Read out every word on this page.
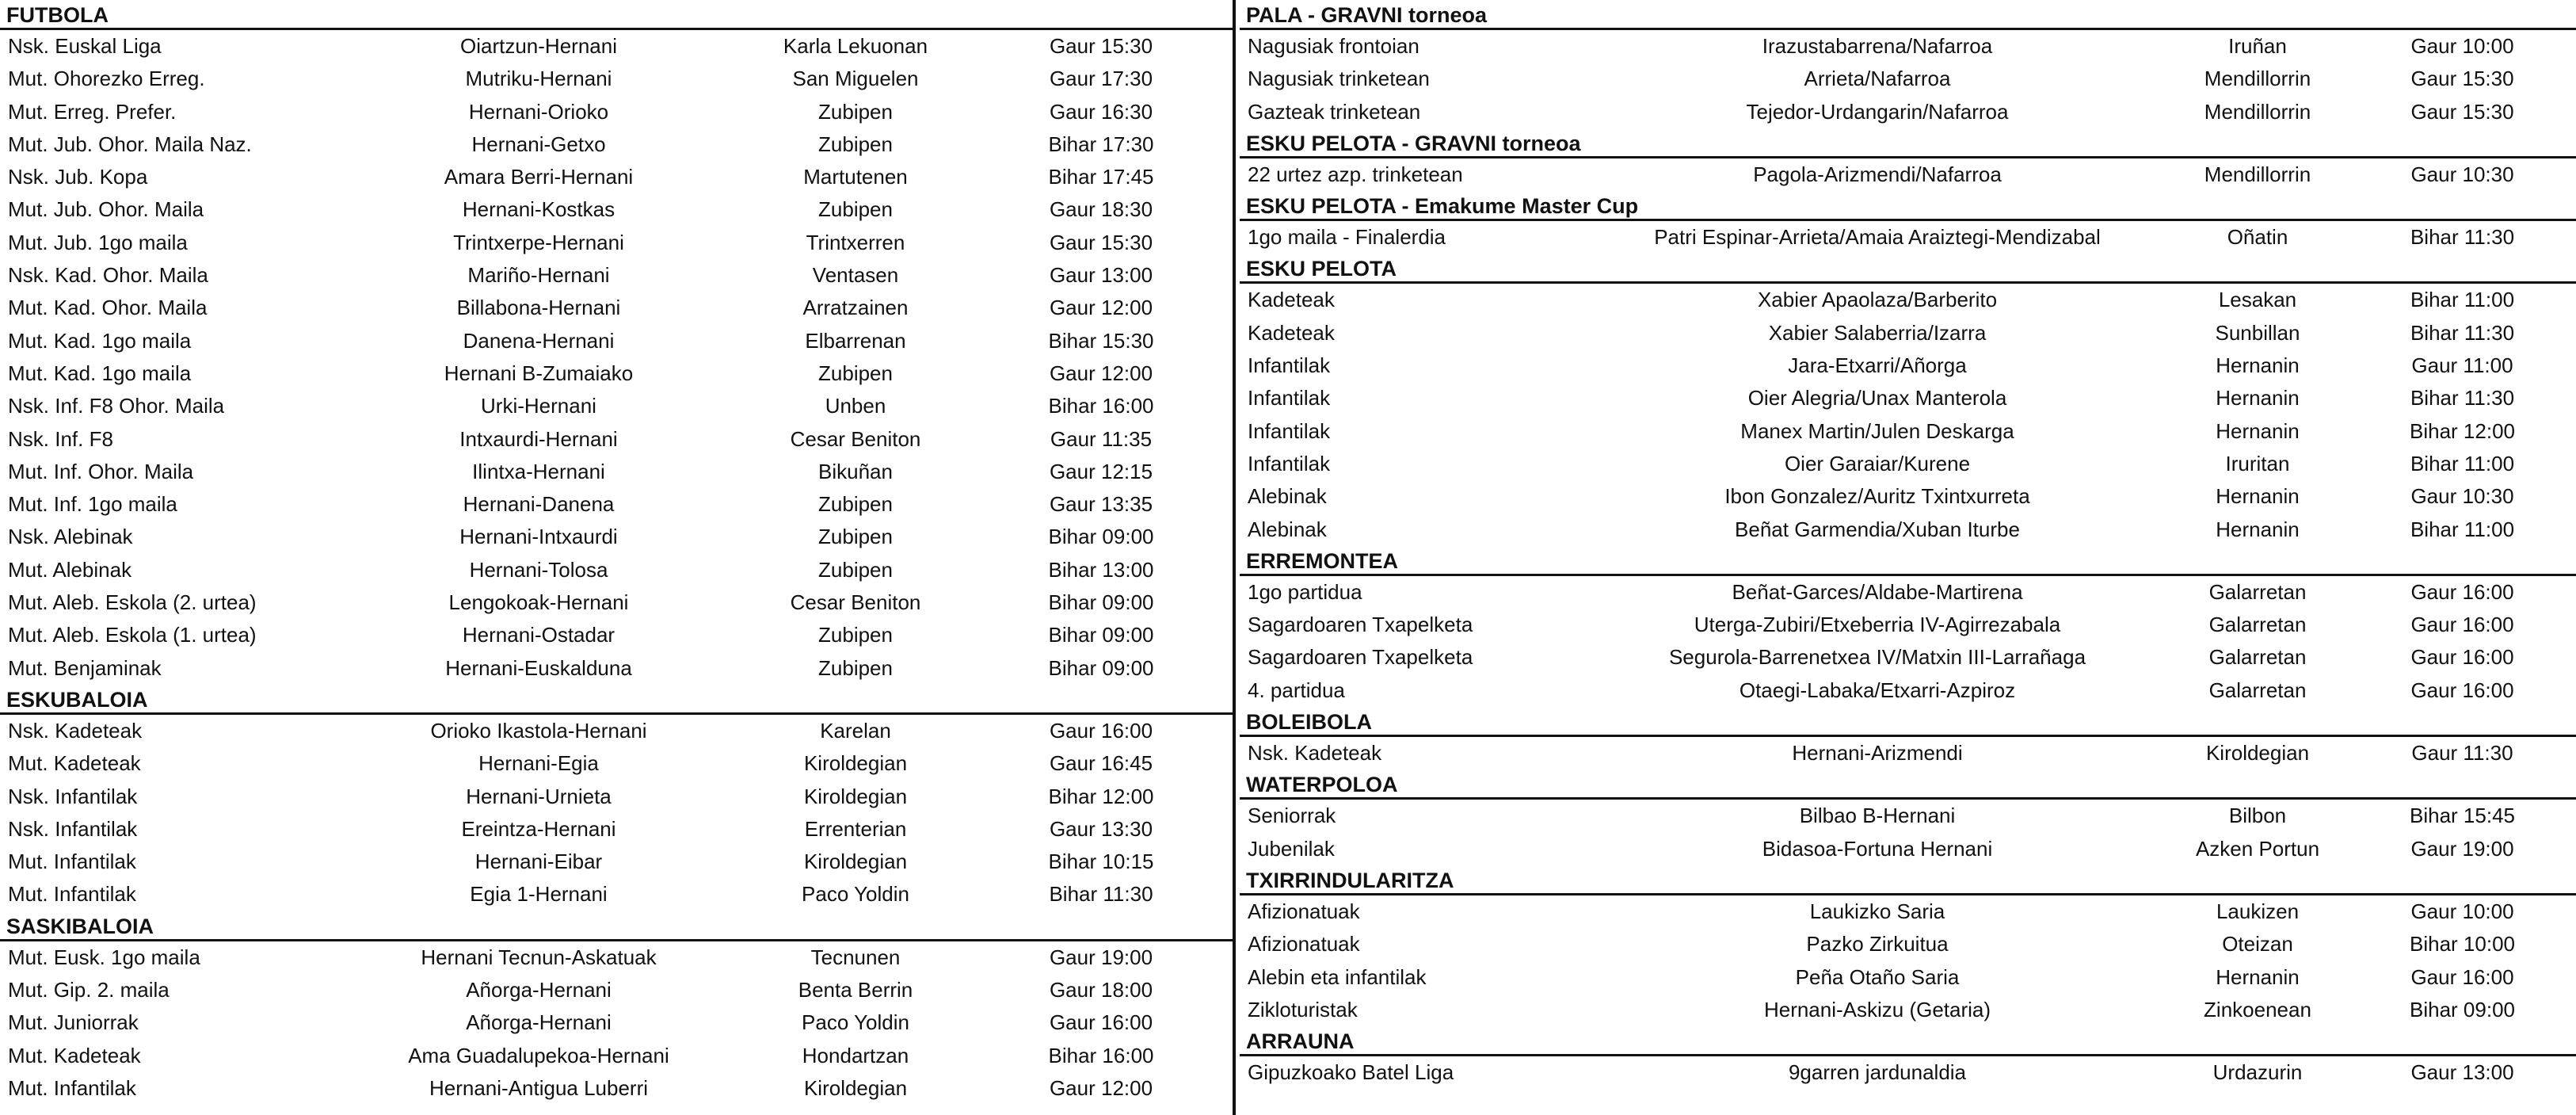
FUTBOLA
Nsk. Euskal Liga	Oiartzun-Hernani	Karla Lekuonan	Gaur 15:30
Mut. Ohorezko Erreg.	Mutriku-Hernani	San Miguelen	Gaur 17:30
Mut. Erreg. Prefer.	Hernani-Orioko	Zubipen	Gaur 16:30
Mut. Jub. Ohor. Maila Naz.	Hernani-Getxo	Zubipen	Bihar 17:30
Nsk. Jub. Kopa	Amara Berri-Hernani	Martutenen	Bihar 17:45
Mut. Jub. Ohor. Maila	Hernani-Kostkas	Zubipen	Gaur 18:30
Mut. Jub. 1go maila	Trintxerpe-Hernani	Trintxerren	Gaur 15:30
Nsk. Kad. Ohor. Maila	Mariño-Hernani	Ventasen	Gaur 13:00
Mut. Kad. Ohor. Maila	Billabona-Hernani	Arratzainen	Gaur 12:00
Mut. Kad. 1go maila	Danena-Hernani	Elbarrenan	Bihar 15:30
Mut. Kad. 1go maila	Hernani B-Zumaiako	Zubipen	Gaur 12:00
Nsk. Inf. F8 Ohor. Maila	Urki-Hernani	Unben	Bihar 16:00
Nsk. Inf. F8	Intxaurdi-Hernani	Cesar Beniton	Gaur 11:35
Mut. Inf. Ohor. Maila	Ilintxa-Hernani	Bikuñan	Gaur 12:15
Mut. Inf. 1go maila	Hernani-Danena	Zubipen	Gaur 13:35
Nsk. Alebinak	Hernani-Intxaurdi	Zubipen	Bihar 09:00
Mut. Alebinak	Hernani-Tolosa	Zubipen	Bihar 13:00
Mut. Aleb. Eskola (2. urtea)	Lengokoak-Hernani	Cesar Beniton	Bihar 09:00
Mut. Aleb. Eskola (1. urtea)	Hernani-Ostadar	Zubipen	Bihar 09:00
Mut. Benjaminak	Hernani-Euskalduna	Zubipen	Bihar 09:00
ESKUBALOIA
Nsk. Kadeteak	Orioko Ikastola-Hernani	Karelan	Gaur 16:00
Mut. Kadeteak	Hernani-Egia	Kiroldegian	Gaur 16:45
Nsk. Infantilak	Hernani-Urnieta	Kiroldegian	Bihar 12:00
Nsk. Infantilak	Ereintza-Hernani	Errenterian	Gaur 13:30
Mut. Infantilak	Hernani-Eibar	Kiroldegian	Bihar 10:15
Mut. Infantilak	Egia 1-Hernani	Paco Yoldin	Bihar 11:30
SASKIBALOIA
Mut. Eusk. 1go maila	Hernani Tecnun-Askatuak	Tecnunen	Gaur 19:00
Mut. Gip. 2. maila	Añorga-Hernani	Benta Berrin	Gaur 18:00
Mut. Juniorrak	Añorga-Hernani	Paco Yoldin	Gaur 16:00
Mut. Kadeteak	Ama Guadalupekoa-Hernani	Hondartzan	Bihar 16:00
Mut. Infantilak	Hernani-Antigua Luberri	Kiroldegian	Gaur 12:00
PALA - GRAVNI torneoa
Nagusiak frontoian	Irazustabarrena/Nafarroa	Iruñan	Gaur 10:00
Nagusiak trinketean	Arrieta/Nafarroa	Mendillorrin	Gaur 15:30
Gazteak trinketean	Tejedor-Urdangarin/Nafarroa	Mendillorrin	Gaur 15:30
ESKU PELOTA - GRAVNI torneoa
22 urtez azp. trinketean	Pagola-Arizmendi/Nafarroa	Mendillorrin	Gaur 10:30
ESKU PELOTA - Emakume Master Cup
1go maila - Finalerdia	Patri Espinar-Arrieta/Amaia Araiztegi-Mendizabal	Oñatin	Bihar 11:30
ESKU PELOTA
Kadeteak	Xabier Apaolaza/Barberito	Lesakan	Bihar 11:00
Kadeteak	Xabier Salaberria/Izarra	Sunbillan	Bihar 11:30
Infantilak	Jara-Etxarri/Añorga	Hernanin	Gaur 11:00
Infantilak	Oier Alegria/Unax Manterola	Hernanin	Bihar 11:30
Infantilak	Manex Martin/Julen Deskarga	Hernanin	Bihar 12:00
Infantilak	Oier Garaiar/Kurene	Iruritan	Bihar 11:00
Alebinak	Ibon Gonzalez/Auritz Txintxurreta	Hernanin	Gaur 10:30
Alebinak	Beñat Garmendia/Xuban Iturbe	Hernanin	Bihar 11:00
ERREMONTEA
1go partidua	Beñat-Garces/Aldabe-Martirena	Galarretan	Gaur 16:00
Sagardoaren Txapelketa	Uterga-Zubiri/Etxeberria IV-Agirrezabala	Galarretan	Gaur 16:00
Sagardoaren Txapelketa	Segurola-Barrenetxea IV/Matxin III-Larrañaga	Galarretan	Gaur 16:00
4. partidua	Otaegi-Labaka/Etxarri-Azpiroz	Galarretan	Gaur 16:00
BOLEIBOLA
Nsk. Kadeteak	Hernani-Arizmendi	Kiroldegian	Gaur 11:30
WATERPOLOA
Seniorrak	Bilbao B-Hernani	Bilbon	Bihar 15:45
Jubenilak	Bidasoa-Fortuna Hernani	Azken Portun	Gaur 19:00
TXIRRINDULARITZA
Afizionatuak	Laukizko Saria	Laukizen	Gaur 10:00
Afizionatuak	Pazko Zirkuitua	Oteizan	Bihar 10:00
Alebin eta infantilak	Peña Otaño Saria	Hernanin	Gaur 16:00
Zikloturistak	Hernani-Askizu (Getaria)	Zinkoenean	Bihar 09:00
ARRAUNA
Gipuzkoako Batel Liga	9garren jardunaldia	Urdazurin	Gaur 13:00
